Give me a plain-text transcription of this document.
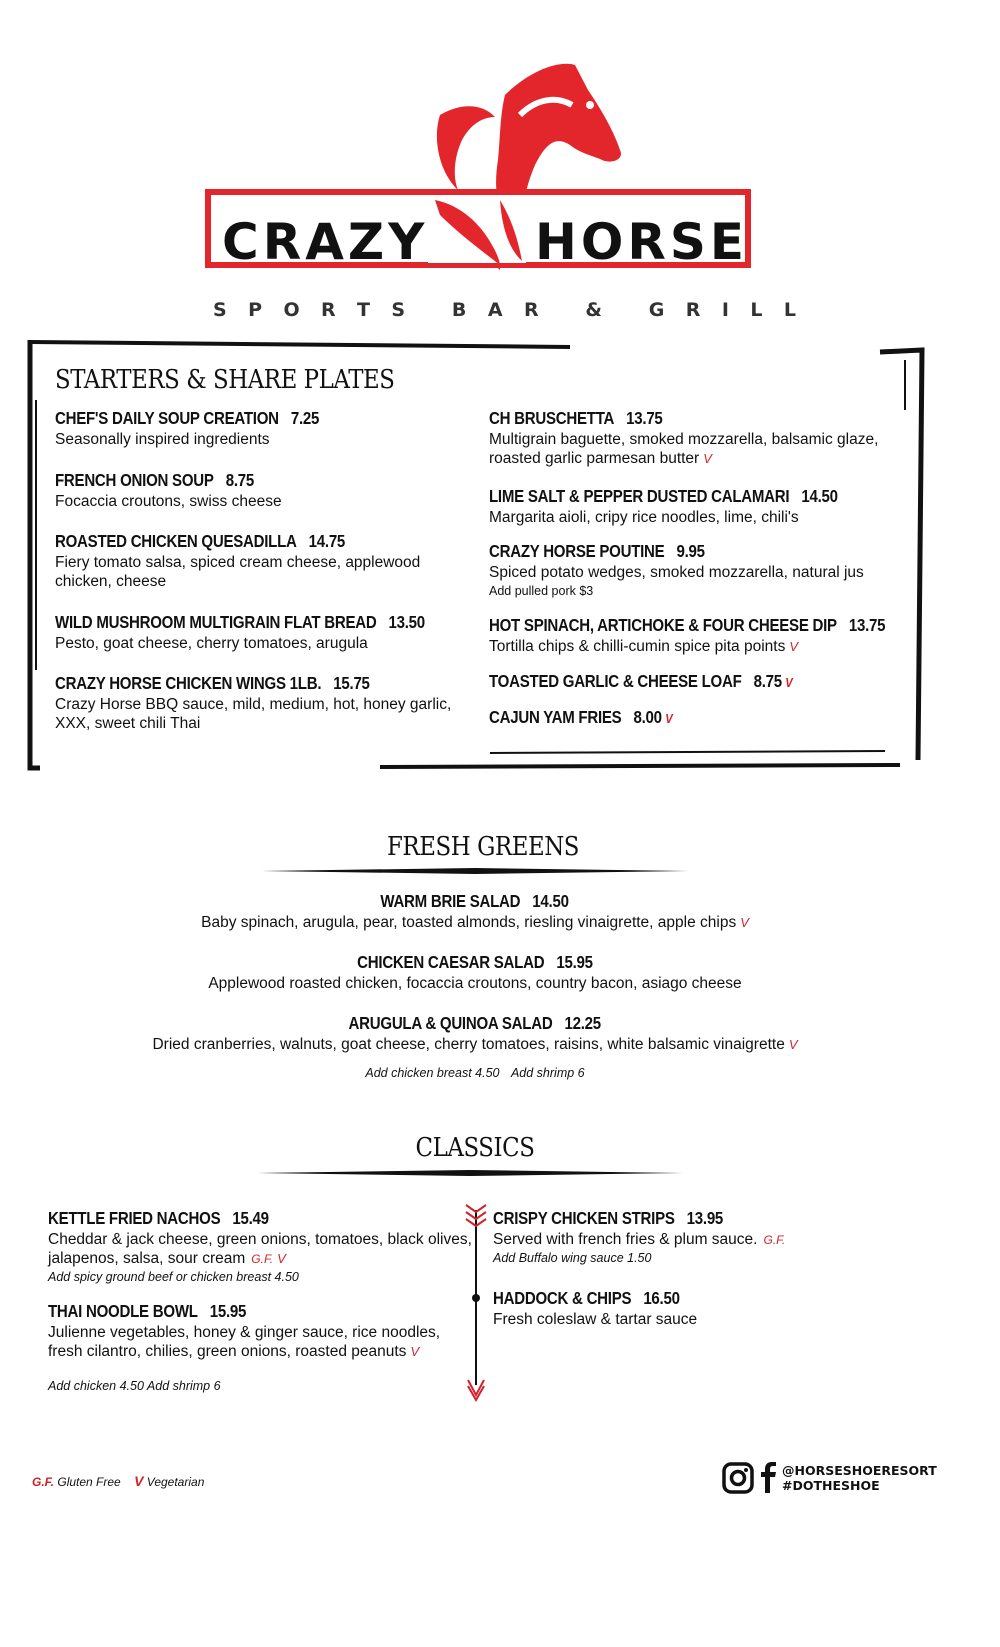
CRAZY HORSE
S P O R T S B A R & G R I L L
STARTERS & SHARE PLATES
CHEF'S DAILY SOUP CREATION 7.25
Seasonally inspired ingredients
FRENCH ONION SOUP 8.75
Focaccia croutons, swiss cheese
ROASTED CHICKEN QUESADILLA 14.75
Fiery tomato salsa, spiced cream cheese, applewood chicken, cheese
WILD MUSHROOM MULTIGRAIN FLAT BREAD 13.50
Pesto, goat cheese, cherry tomatoes, arugula
CRAZY HORSE CHICKEN WINGS 1LB. 15.75
Crazy Horse BBQ sauce, mild, medium, hot, honey garlic, XXX, sweet chili Thai
CH BRUSCHETTA 13.75
Multigrain baguette, smoked mozzarella, balsamic glaze, roasted garlic parmesan butter V
LIME SALT & PEPPER DUSTED CALAMARI 14.50
Margarita aioli, cripy rice noodles, lime, chili's
CRAZY HORSE POUTINE 9.95
Spiced potato wedges, smoked mozzarella, natural jus
Add pulled pork $3
HOT SPINACH, ARTICHOKE & FOUR CHEESE DIP 13.75
Tortilla chips & chilli-cumin spice pita points V
TOASTED GARLIC & CHEESE LOAF 8.75 V
CAJUN YAM FRIES 8.00 V
FRESH GREENS
WARM BRIE SALAD 14.50
Baby spinach, arugula, pear, toasted almonds, riesling vinaigrette, apple chips V
CHICKEN CAESAR SALAD 15.95
Applewood roasted chicken, focaccia croutons, country bacon, asiago cheese
ARUGULA & QUINOA SALAD 12.25
Dried cranberries, walnuts, goat cheese, cherry tomatoes, raisins, white balsamic vinaigrette V
Add chicken breast 4.50 Add shrimp 6
CLASSICS
KETTLE FRIED NACHOS 15.49
Cheddar & jack cheese, green onions, tomatoes, black olives, jalapenos, salsa, sour cream G.F. V
Add spicy ground beef or chicken breast 4.50
THAI NOODLE BOWL 15.95
Julienne vegetables, honey & ginger sauce, rice noodles, fresh cilantro, chilies, green onions, roasted peanuts V
Add chicken 4.50 Add shrimp 6
CRISPY CHICKEN STRIPS 13.95
Served with french fries & plum sauce. G.F.
Add Buffalo wing sauce 1.50
HADDOCK & CHIPS 16.50
Fresh coleslaw & tartar sauce
G.F. Gluten Free V Vegetarian
@HORSESHOERESORT
#DOTHESHOE
